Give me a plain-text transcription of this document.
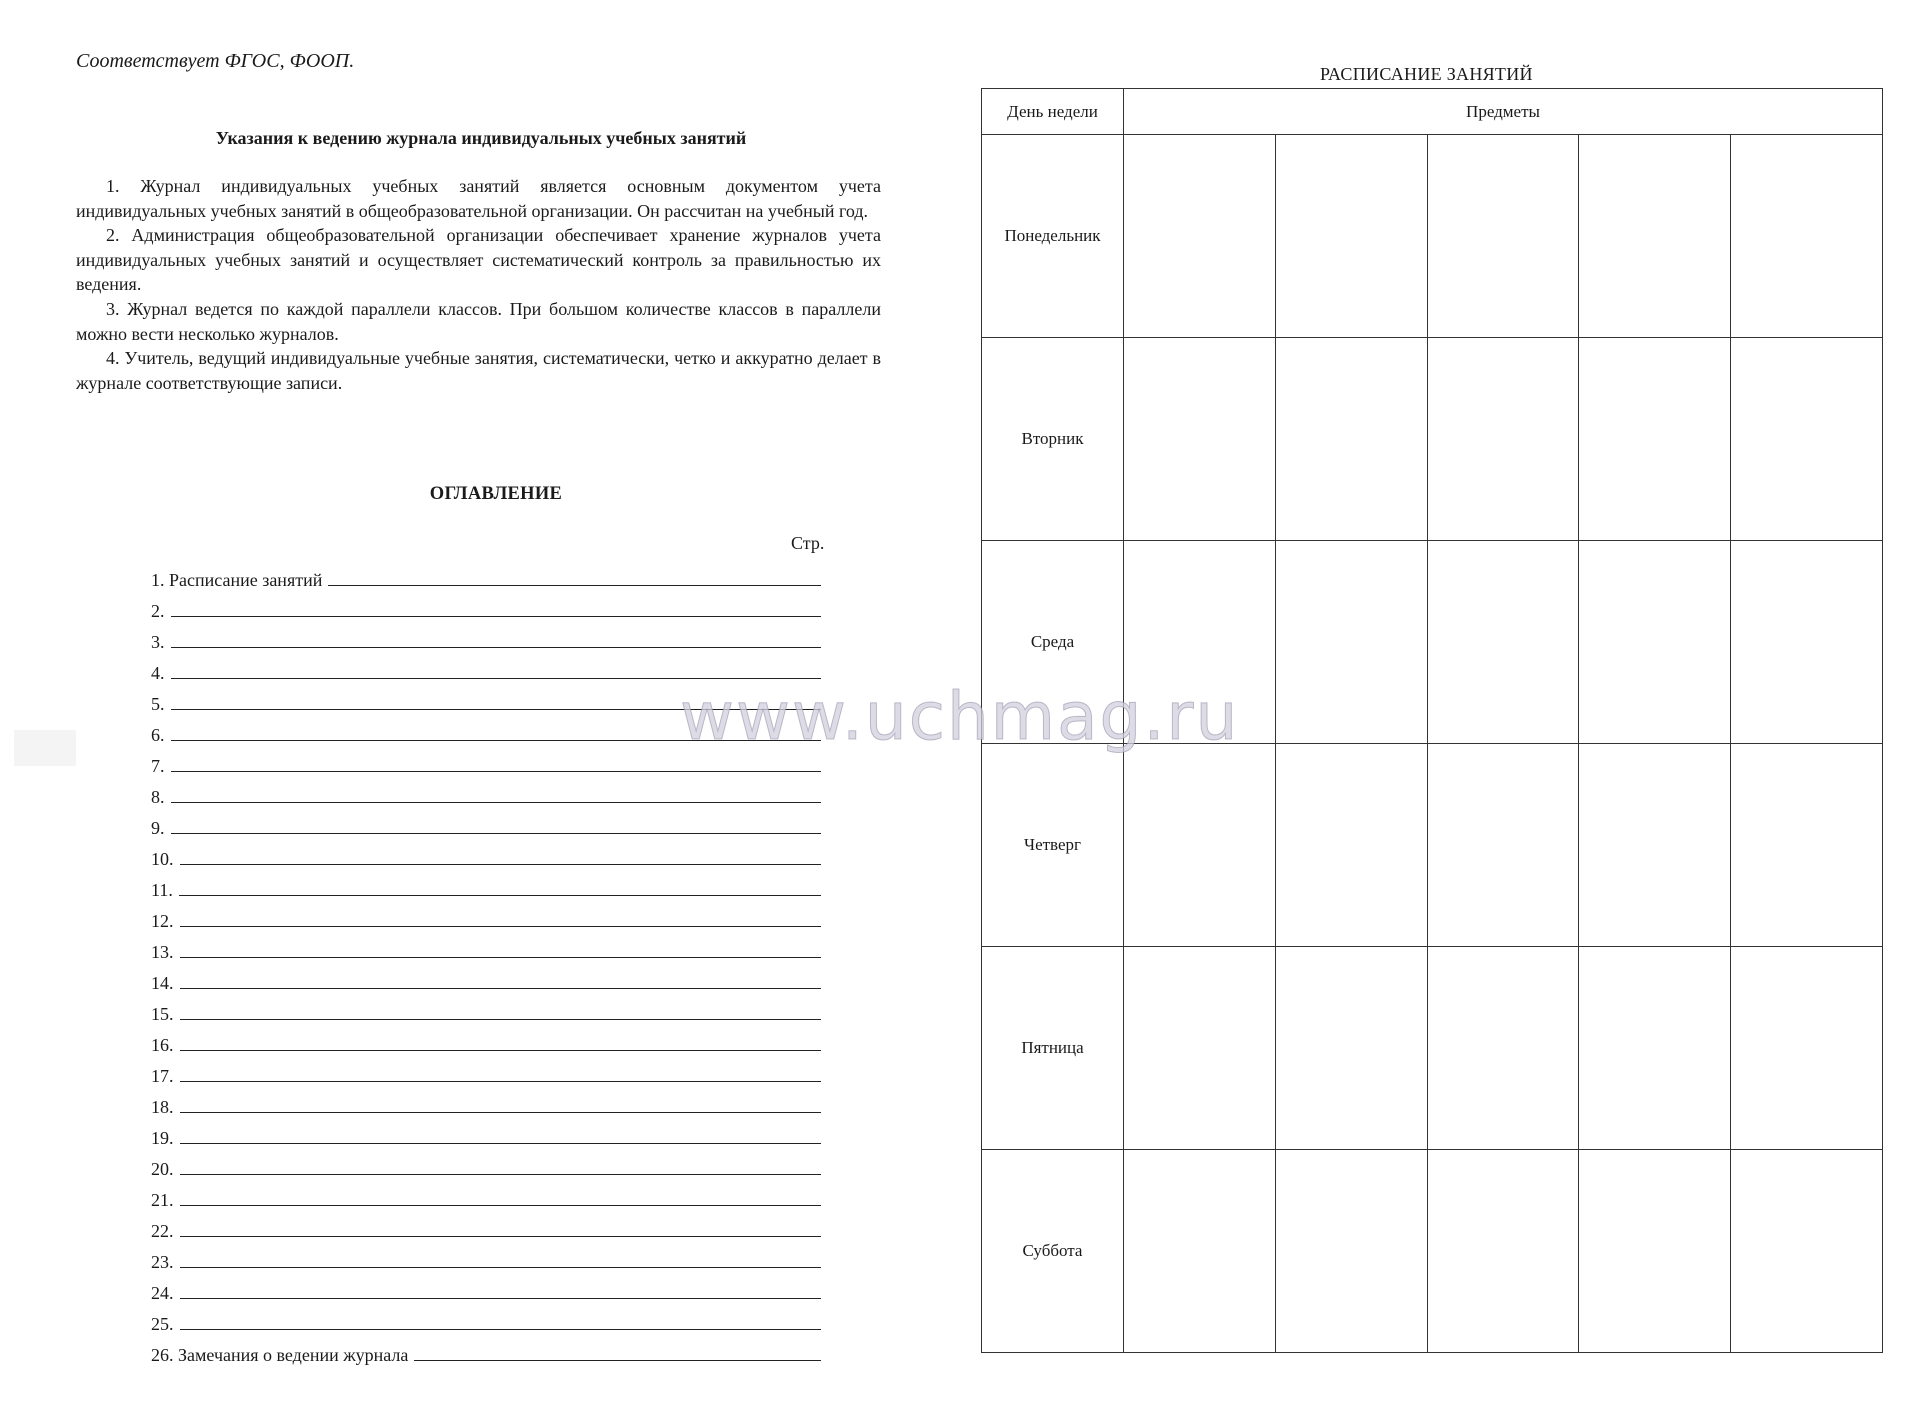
Соответствует ФГОС, ФООП.
Указания к ведению журнала индивидуальных учебных занятий

1. Журнал индивидуальных учебных занятий является основным документом учета индивидуальных учебных занятий в общеобразовательной организации. Он рассчитан на учебный год.

2. Администрация общеобразовательной организации обеспечивает хранение журналов учета индивидуальных учебных занятий и осуществляет систематический контроль за правильностью их ведения.

3. Журнал ведется по каждой параллели классов. При большом количестве классов в параллели можно вести несколько журналов.

4. Учитель, ведущий индивидуальные учебные занятия, систематически, четко и аккуратно делает в журнале соответствующие записи.

ОГЛАВЛЕНИЕ
Стр.
1. Расписание занятий
2.
3.
4.
5.
6.
7.
8.
9.
10.
11.
12.
13.
14.
15.
16.
17.
18.
19.
20.
21.
22.
23.
24.
25.
26. Замечания о ведении журнала
РАСПИСАНИЕ ЗАНЯТИЙ
День недели	Предметы				
Понедельник					
Вторник					
Среда					
Четверг					
Пятница					
Суббота					
www.uchmag.ru
